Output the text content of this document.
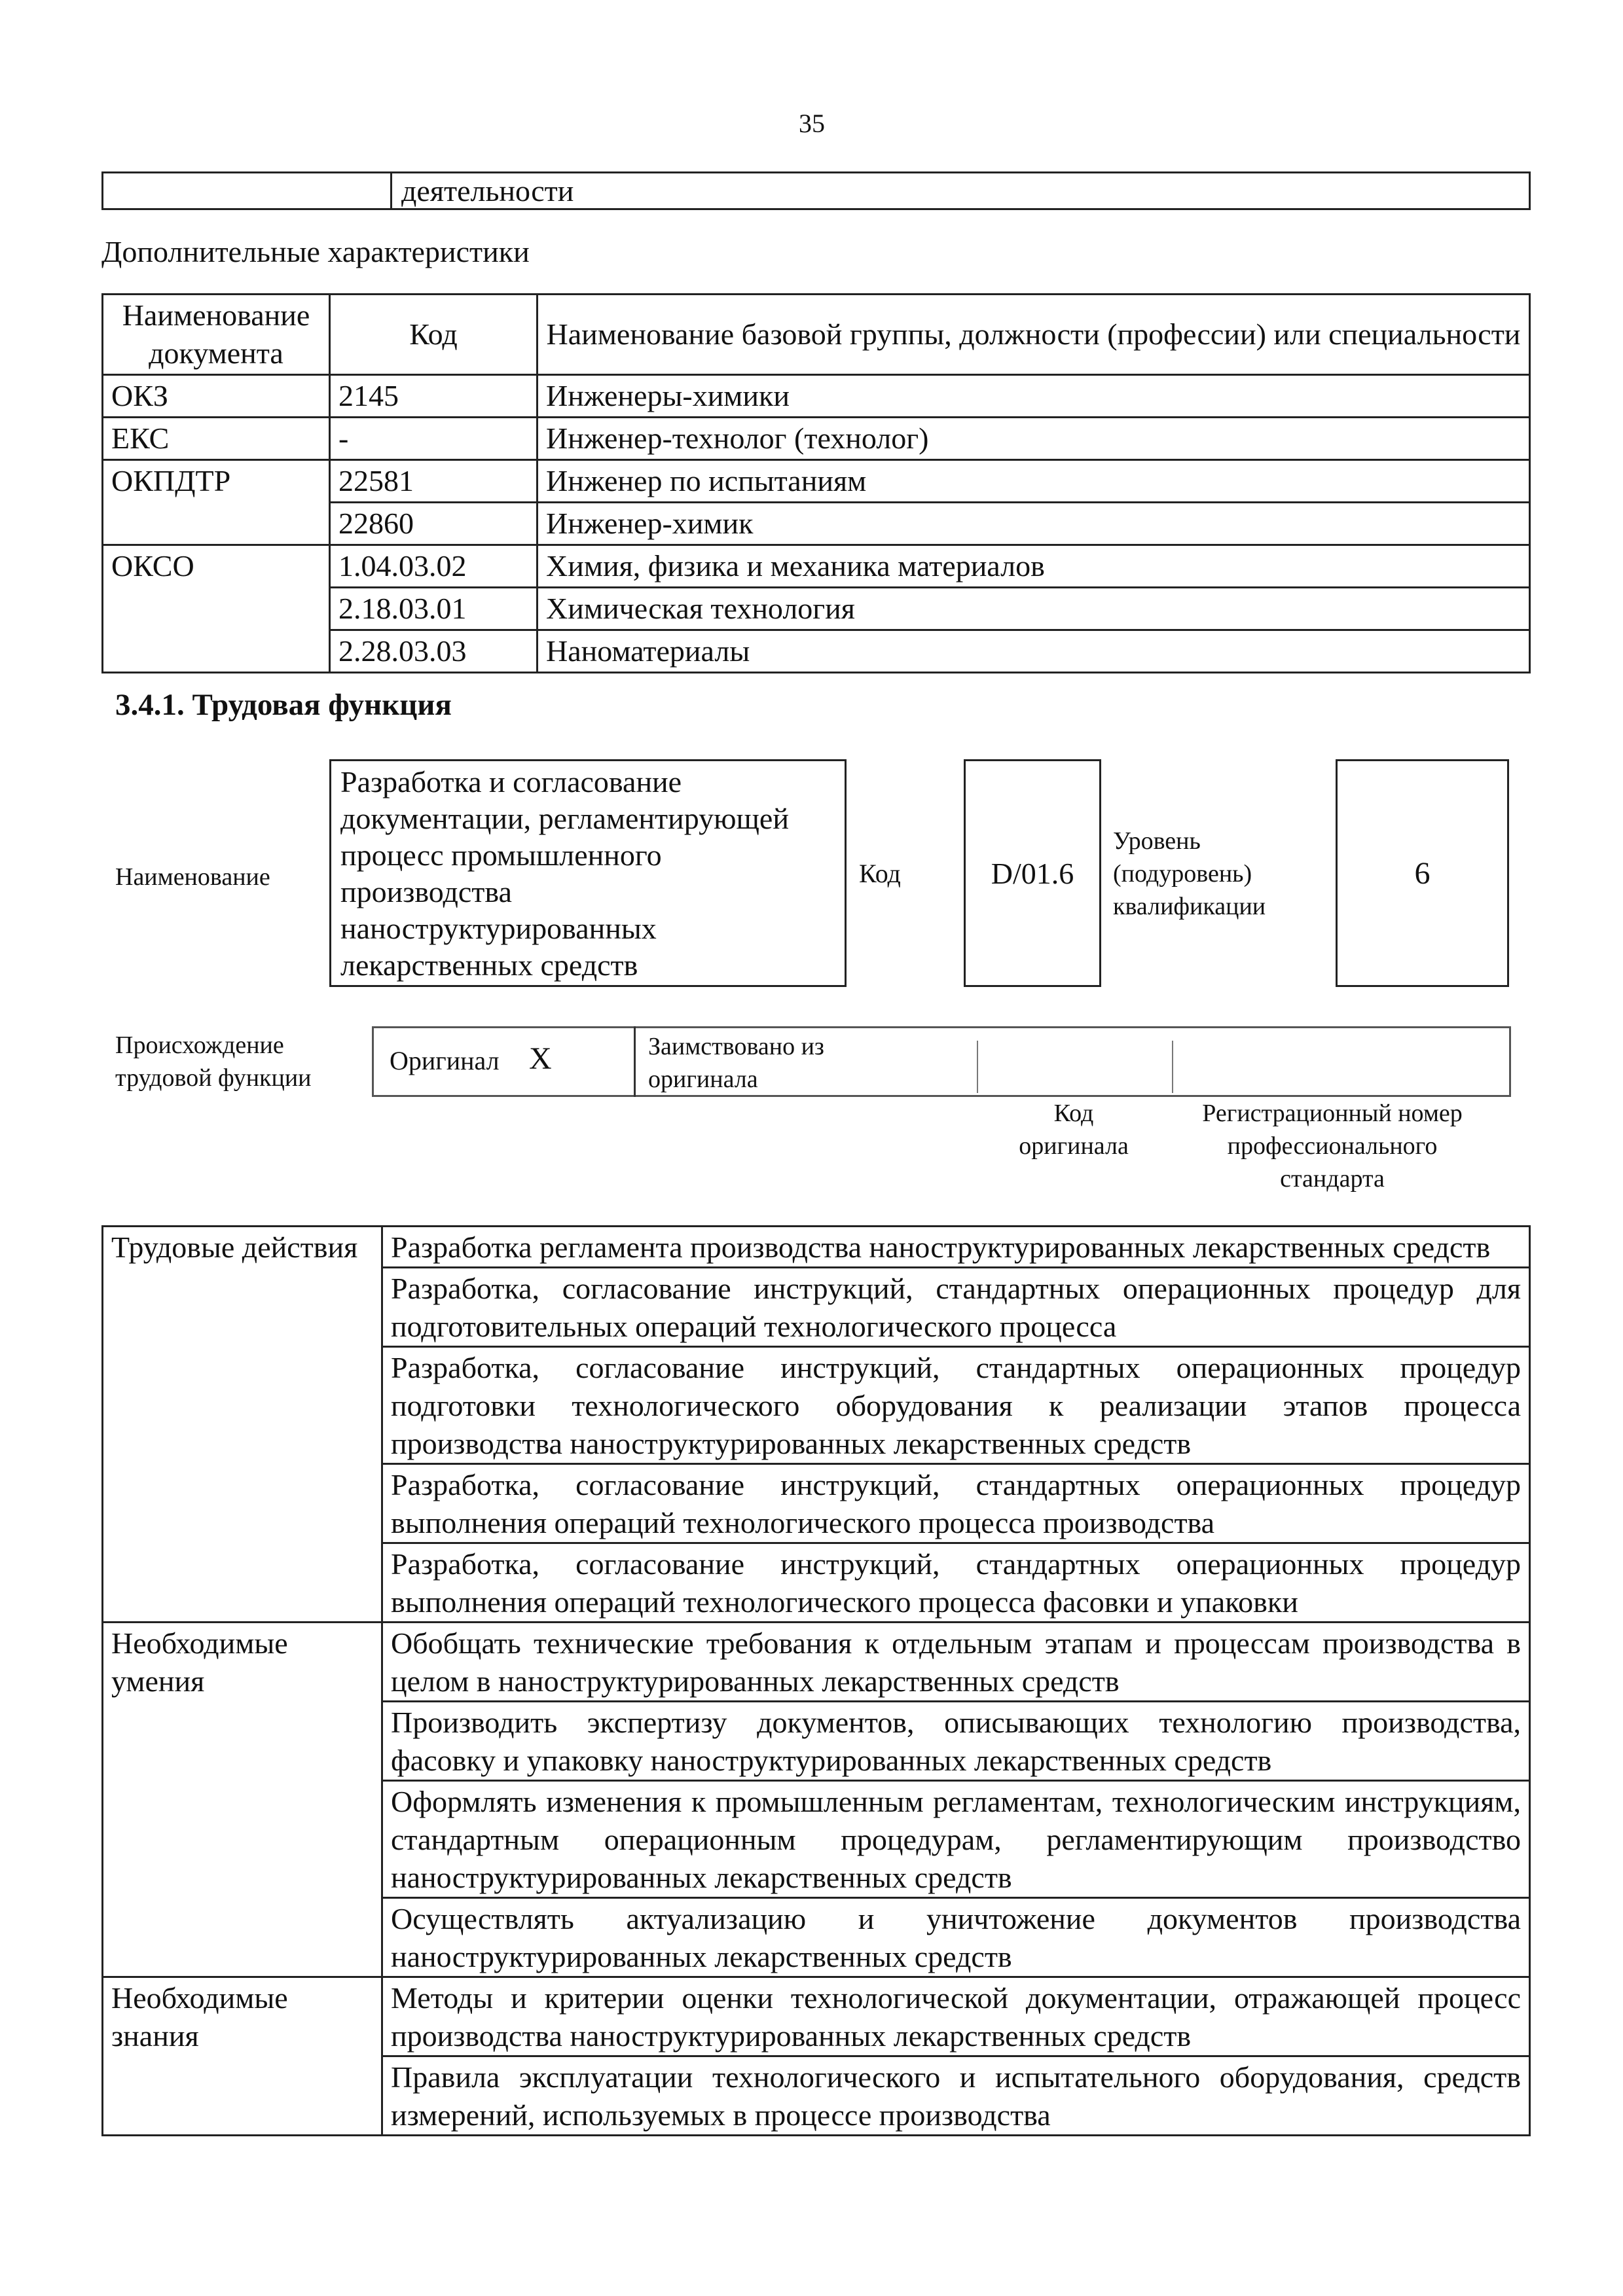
35
	деятельности
Дополнительные характеристики
Наименование документа	Код	Наименование базовой группы, должности (профессии) или специальности
ОКЗ	2145	Инженеры-химики
ЕКС	-	Инженер-технолог (технолог)
ОКПДТР	22581	Инженер по испытаниям
	22860	Инженер-химик
ОКСО	1.04.03.02	Химия, физика и механика материалов
	2.18.03.01	Химическая технология
	2.28.03.03	Наноматериалы
3.4.1. Трудовая функция
Наименование
Разработка и согласование документации, регламентирующей процесс промышленного производства наноструктурированных лекарственных средств
Код	D/01.6
Уровень (подуровень) квалификации
6
Происхождение трудовой функции
Оригинал X	Заимствовано из оригинала
Код оригинала
Регистрационный номер профессионального стандарта
Трудовые действия	Разработка регламента производства наноструктурированных лекарственных средств
	Разработка, согласование инструкций, стандартных операционных процедур для подготовительных операций технологического процесса
	Разработка, согласование инструкций, стандартных операционных процедур подготовки технологического оборудования к реализации этапов процесса производства наноструктурированных лекарственных средств
	Разработка, согласование инструкций, стандартных операционных процедур выполнения операций технологического процесса производства
	Разработка, согласование инструкций, стандартных операционных процедур выполнения операций технологического процесса фасовки и упаковки
Необходимые умения	Обобщать технические требования к отдельным этапам и процессам производства в целом в наноструктурированных лекарственных средств
	Производить экспертизу документов, описывающих технологию производства, фасовку и упаковку наноструктурированных лекарственных средств
	Оформлять изменения к промышленным регламентам, технологическим инструкциям, стандартным операционным процедурам, регламентирующим производство наноструктурированных лекарственных средств
	Осуществлять актуализацию и уничтожение документов производства наноструктурированных лекарственных средств
Необходимые знания	Методы и критерии оценки технологической документации, отражающей процесс производства наноструктурированных лекарственных средств
	Правила эксплуатации технологического и испытательного оборудования, средств измерений, используемых в процессе производства
